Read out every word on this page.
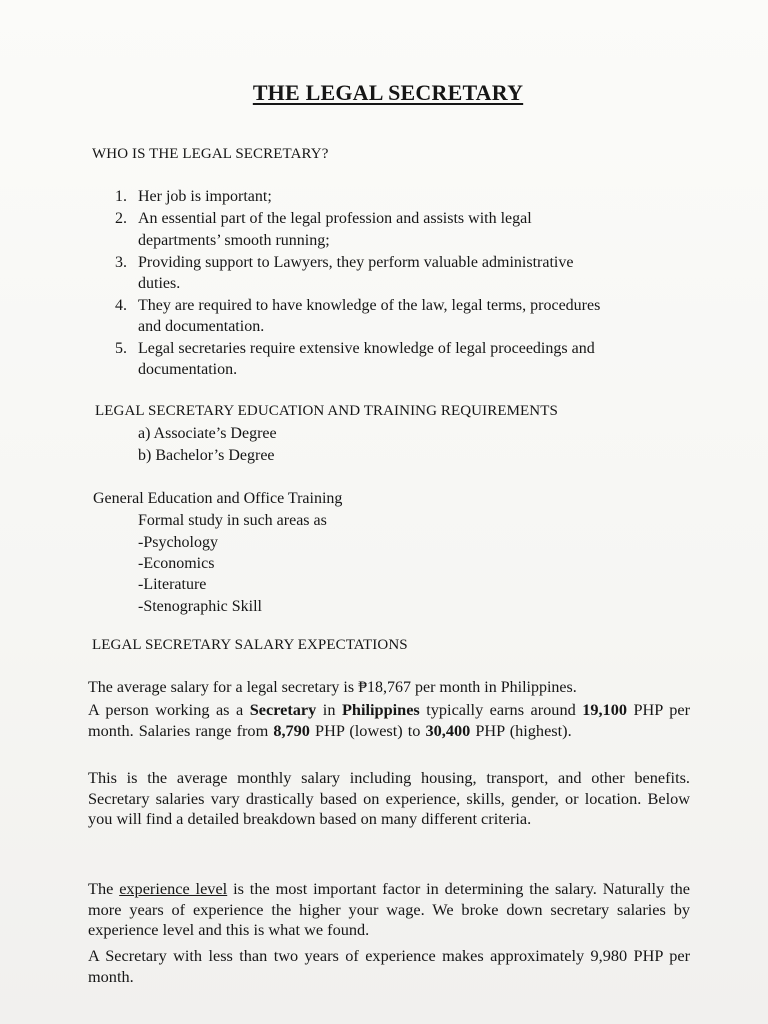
THE LEGAL SECRETARY
WHO IS THE LEGAL SECRETARY?
1. Her job is important;
2. An essential part of the legal profession and assists with legal
departments’ smooth running;
3. Providing support to Lawyers, they perform valuable administrative
duties.
4. They are required to have knowledge of the law, legal terms, procedures
and documentation.
5. Legal secretaries require extensive knowledge of legal proceedings and
documentation.
LEGAL SECRETARY EDUCATION AND TRAINING REQUIREMENTS
a) Associate’s Degree
b) Bachelor’s Degree
General Education and Office Training
Formal study in such areas as
-Psychology
-Economics
-Literature
-Stenographic Skill
LEGAL SECRETARY SALARY EXPECTATIONS
The average salary for a legal secretary is ₱18,767 per month in Philippines.
A person working as a Secretary in Philippines typically earns around 19,100 PHP per month. Salaries range from 8,790 PHP (lowest) to 30,400 PHP (highest).
This is the average monthly salary including housing, transport, and other benefits. Secretary salaries vary drastically based on experience, skills, gender, or location. Below you will find a detailed breakdown based on many different criteria.
The experience level is the most important factor in determining the salary. Naturally the more years of experience the higher your wage. We broke down secretary salaries by experience level and this is what we found.
A Secretary with less than two years of experience makes approximately 9,980 PHP per month.
